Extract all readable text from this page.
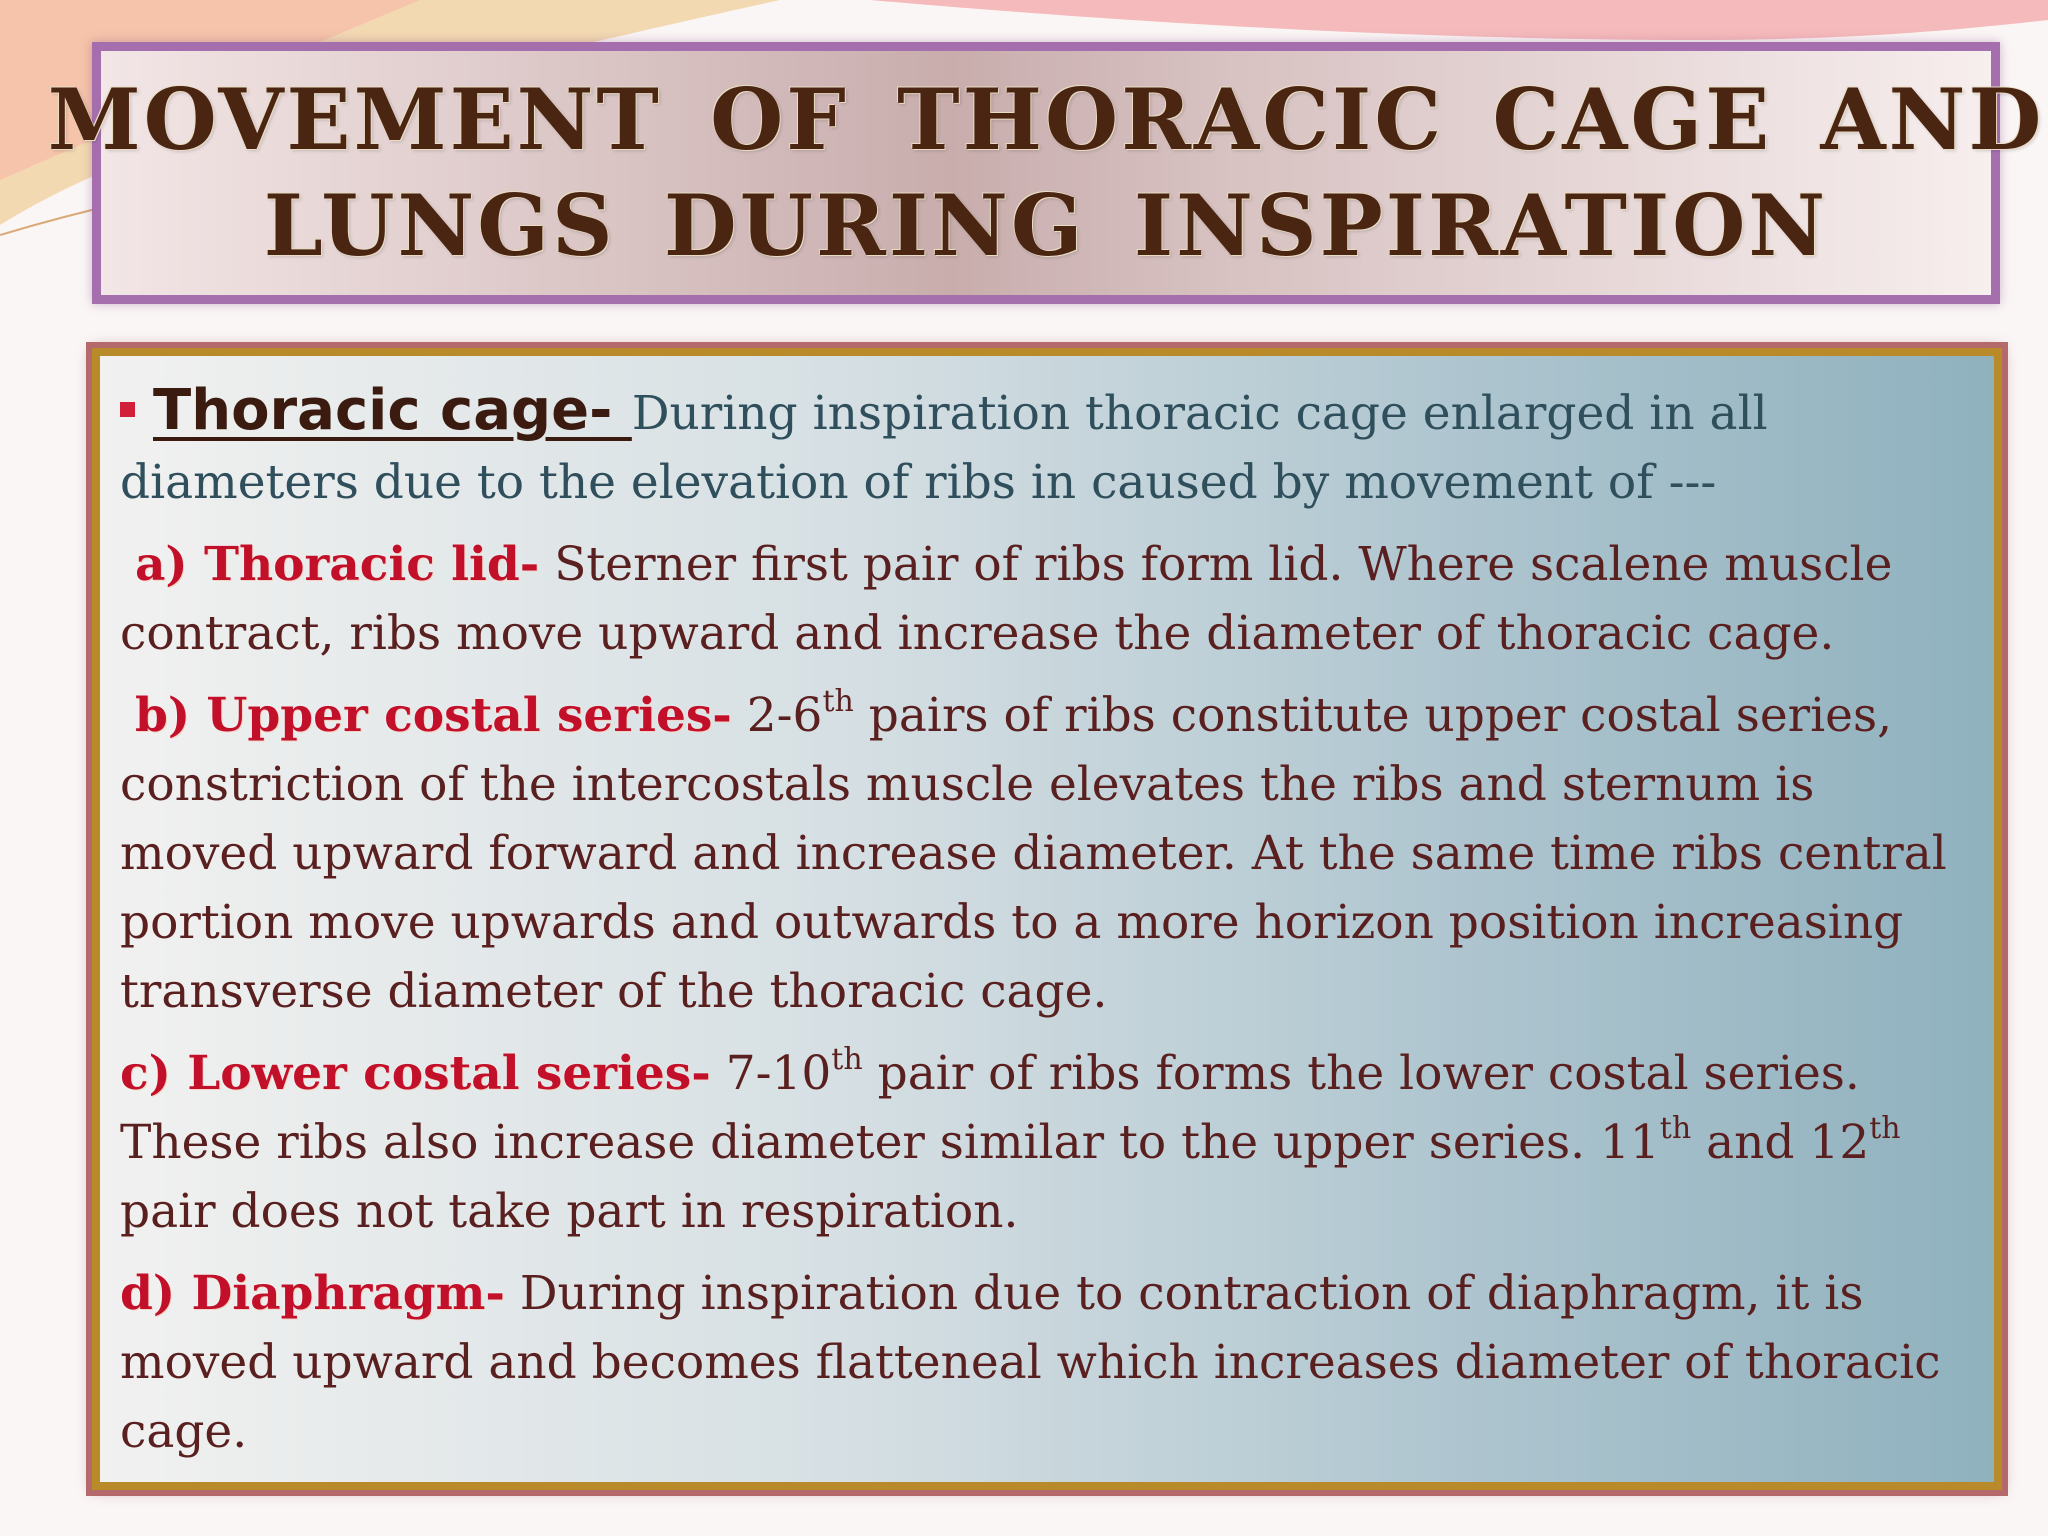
MOVEMENT OF THORACIC CAGE AND
LUNGS DURING INSPIRATION

Thoracic cage- During inspiration thoracic cage enlarged in all diameters due to the elevation of ribs in caused by movement of ---

a) Thoracic lid- Sterner first pair of ribs form lid. Where scalene muscle contract, ribs move upward and increase the diameter of thoracic cage.

b) Upper costal series- 2-6th pairs of ribs constitute upper costal series, constriction of the intercostals muscle elevates the ribs and sternum is moved upward forward and increase diameter. At the same time ribs central portion move upwards and outwards to a more horizon position increasing transverse diameter of the thoracic cage.

c) Lower costal series- 7-10th pair of ribs forms the lower costal series. These ribs also increase diameter similar to the upper series. 11th and 12th pair does not take part in respiration.

d) Diaphragm- During inspiration due to contraction of diaphragm, it is moved upward and becomes flatteneal which increases diameter of thoracic cage.
